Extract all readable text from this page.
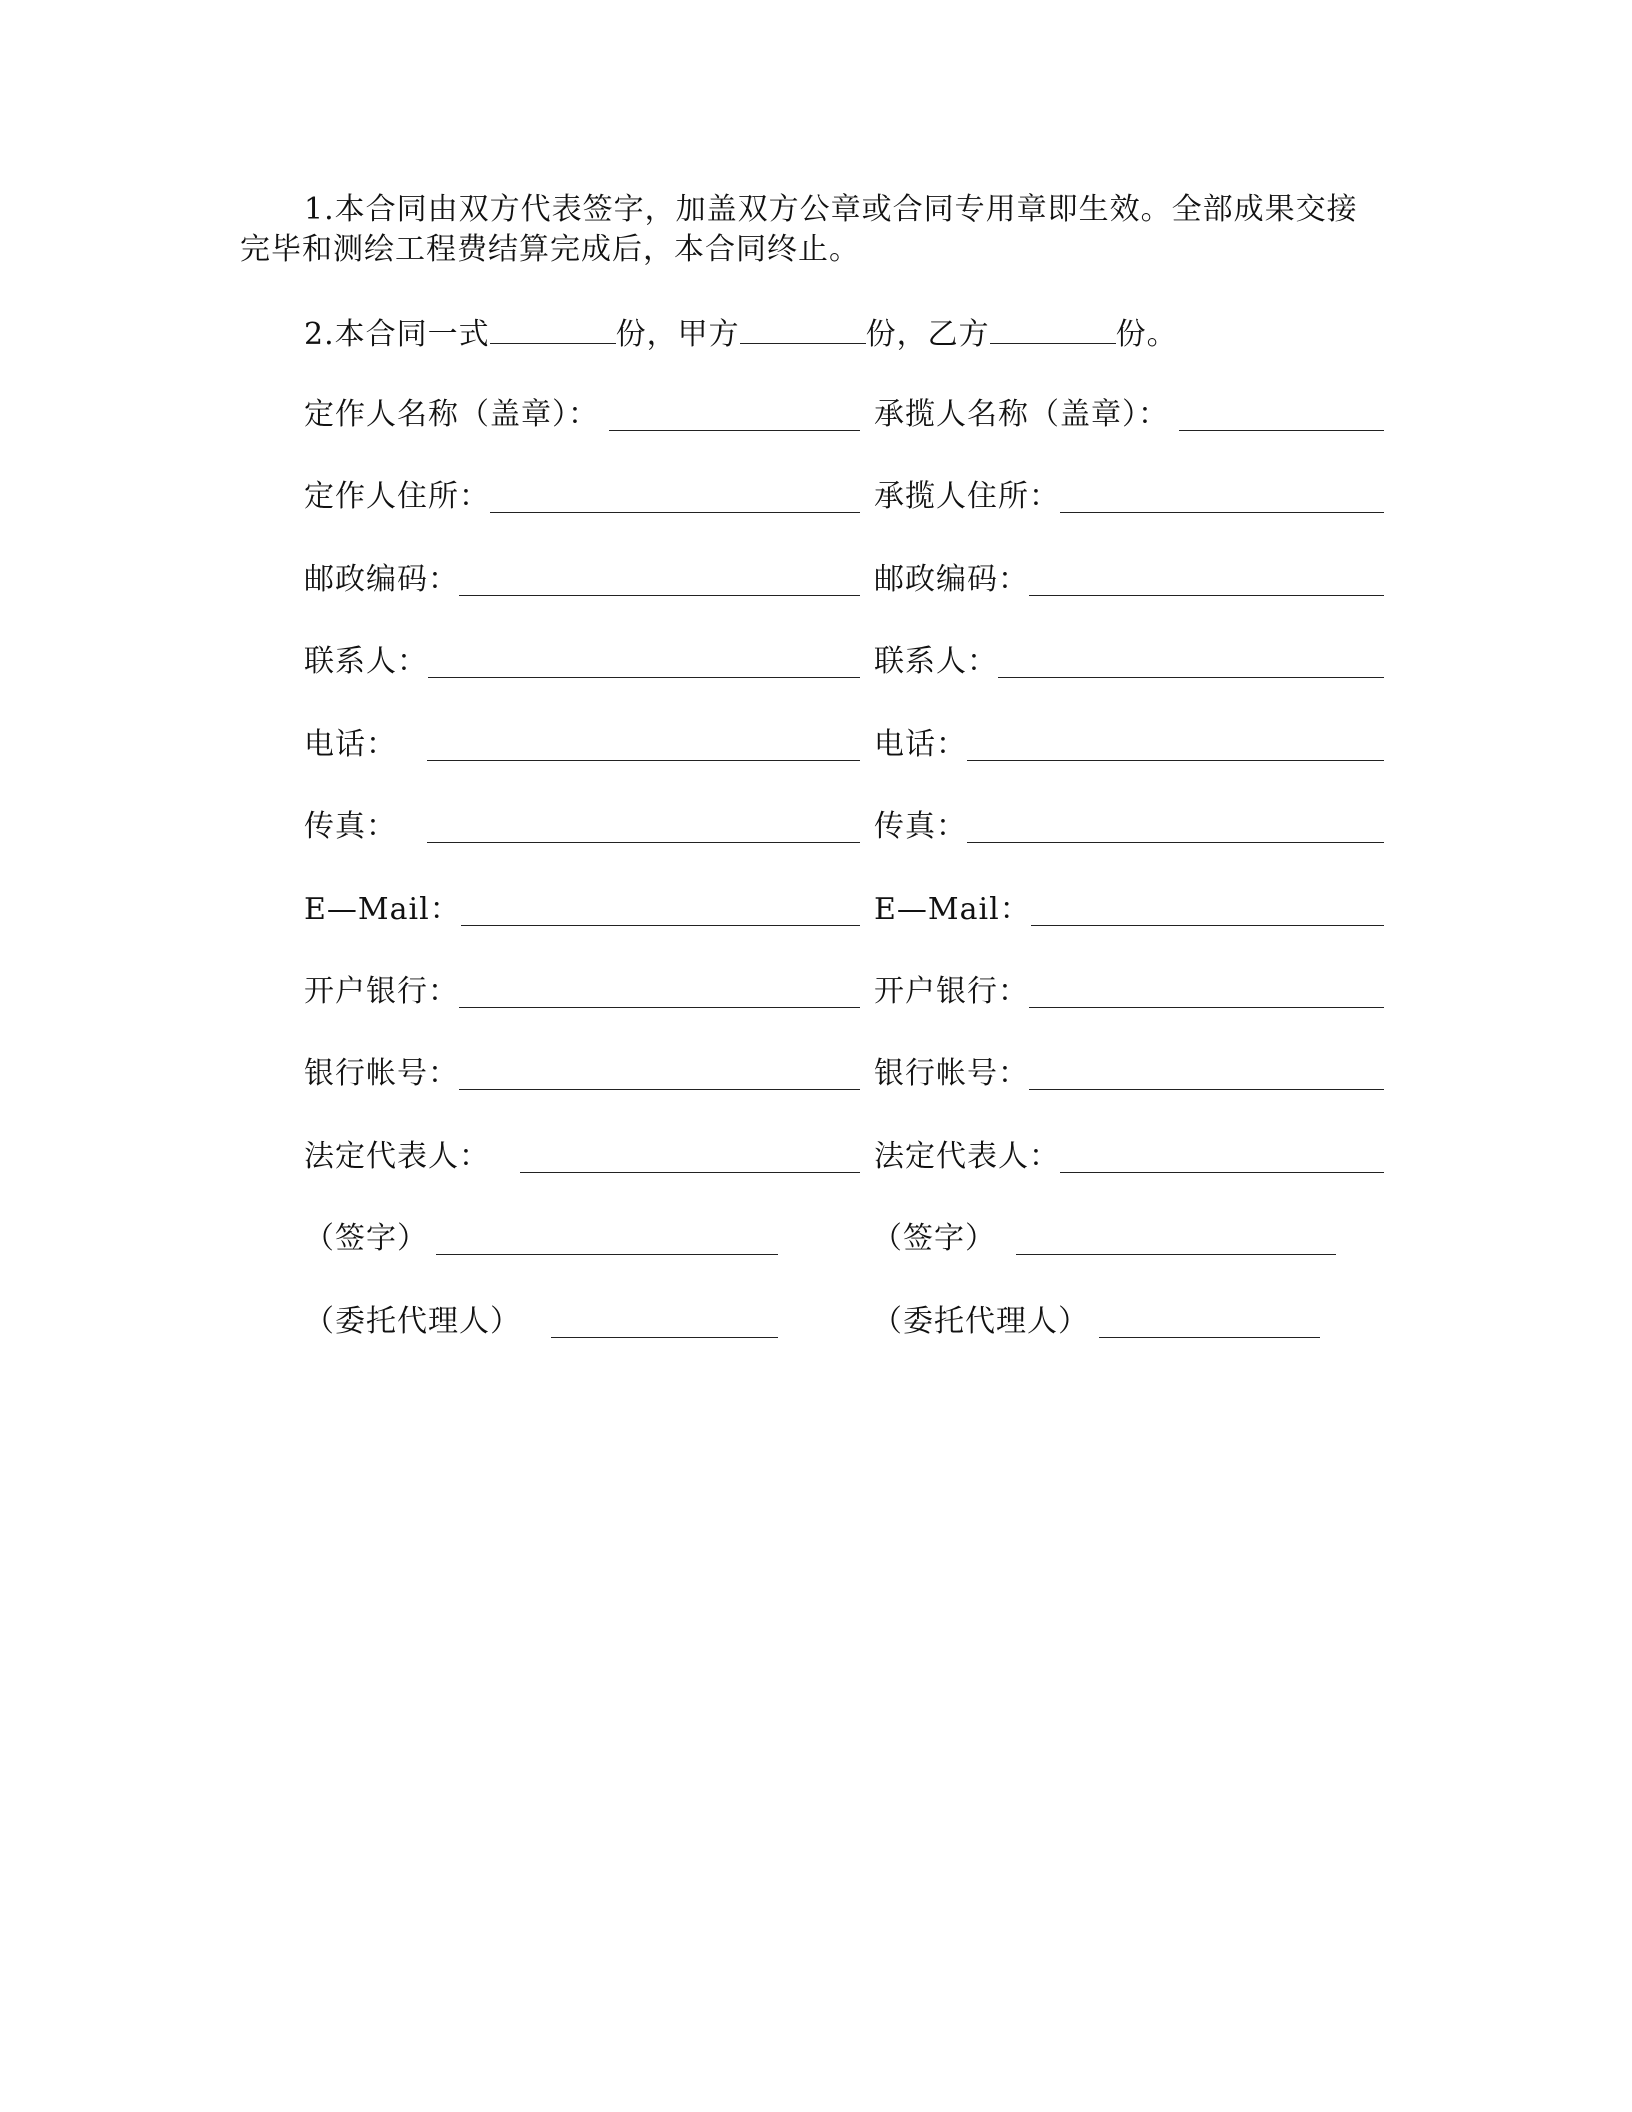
1.本合同由双方代表签字，加盖双方公章或合同专用章即生效。全部成果交接完毕和测绘工程费结算完成后，本合同终止。

2.本合同一式	份，甲方	份，乙方	份。

定作人名称（盖章）：	承揽人名称（盖章）：
定作人住所：	承揽人住所：
邮政编码：	邮政编码：
联系人：	联系人：
电话：	电话：
传真：	传真：
E—Mail：	E—Mail：
开户银行：	开户银行：
银行帐号：	银行帐号：
法定代表人：	法定代表人：
（签字）	（签字）
（委托代理人）	（委托代理人）
